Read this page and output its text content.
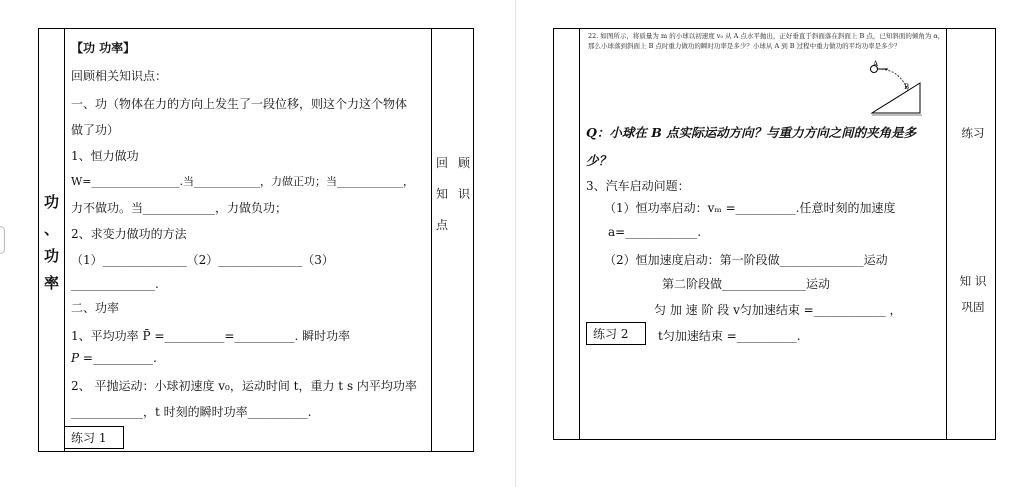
功
、
功
率
【功 功率】
回顾相关知识点：
一、功（物体在力的方向上发生了一段位移，则这个力这个物体
做了功）
1、恒力做功
W=________________.当____________，力做正功；当____________，
力不做功。当____________，力做负功；
2、求变力做功的方法
（1）______________（2）______________（3）
______________.
二、功率
1、平均功率 P̄ =__________=__________. 瞬时功率
P =__________.
2、 平抛运动：小球初速度 v₀，运动时间 t，重力 t s 内平均功率
____________，t 时刻的瞬时功率__________.
回 顾
知 识
点
练习 1
22. 如图所示，将质量为 m 的小球以初速度 v₀ 从 A 点水平抛出，正好垂直于斜面落在斜面上 B 点，已知斜面的倾角为 α，那么小球落到斜面上 B 点时重力做功的瞬时功率是多少？小球从 A 到 B 过程中重力做功的平均功率是多少？
A
B
Q：小球在 B 点实际运动方向？与重力方向之间的夹角是多
少？
3、汽车启动问题：
（1）恒功率启动：vₘ =__________.任意时刻的加速度
a=____________.
（2）恒加速度启动：第一阶段做______________运动
第二阶段做______________运动
匀 加 速 阶 段 v匀加速结束 =____________ ，
t匀加速结束 =__________.
练习
知 识
巩固
练习 2
